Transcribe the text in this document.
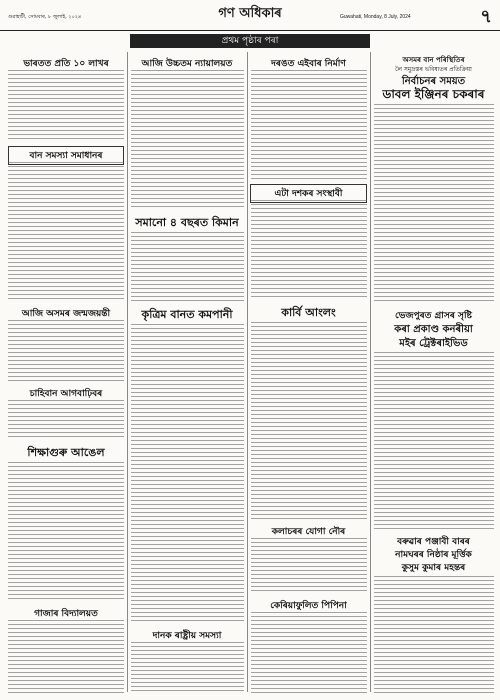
গুৱাহাটী, সোমবাৰ, ৮ জুলাই, ২০২৪	গণ অধিকাৰ	Guwahati, Monday, 8 July, 2024	৭
প্ৰথম পৃষ্ঠাৰ পৰা
ভাৰতত প্ৰতি ১০ লাখৰ
বান সমস্যা সমাধানৰ
আজি অসমৰ জন্মজয়ন্তী
চাহিবান আগবাঢ়িবৰ
শিক্ষাগুৰু আঙেল
গাজাৰ বিদ্যালয়ত
আজি উচ্চতম ন্যায়ালয়ত
সমানো ৪ বছৰত কিমান
কৃত্ৰিম বানত কমপানী
দানক ৰাষ্ট্ৰীয় সমস্যা
দৰঙত এইবাৰ নিৰ্মাণ
এটা দশকৰ সংস্থাবী
কাৰ্বি আংলং
কলাচৰৰ যোগা নৌৰ
কেৰিয়াফুলিত পিপিনা
অসমৰ বান পৰিস্থিতিৰ
লৈ সমুদ্ৰস্তৰ ভবিষ্যতৰ প্ৰতিক্ৰিয়া
নিৰ্বাচনৰ সময়ত
ডাবল ইঞ্জিনৰ চকৰাৰ
ভেজপুৰত গ্ৰাসৰ সৃষ্টি
কৰা প্ৰকাণ্ড কনৰীয়া
মইৰ ট্ৰেক্টৰাইভিড
বৰুৱাৰ পঞ্জাবী বাৰৰ
নামঘৰৰ নিষ্ঠাৰ মূৰ্ত্তিক
কুসুম কুমাৰ মহন্তৰ
